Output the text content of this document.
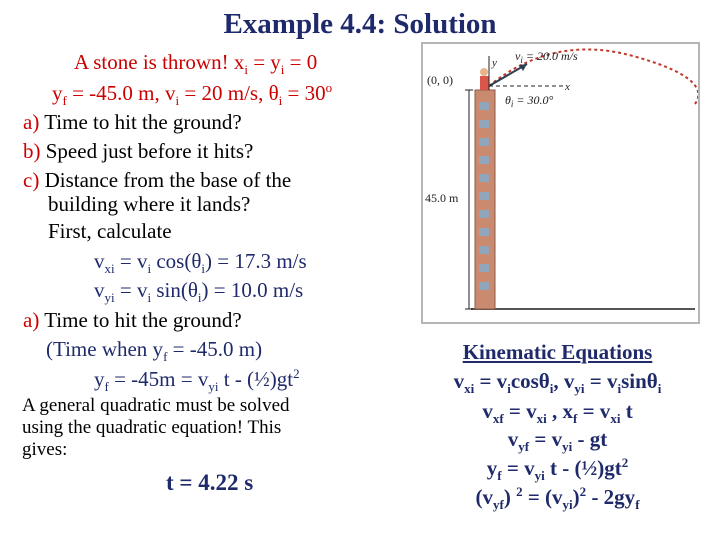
Example 4.4: Solution
A stone is thrown! $x_i = y_i = 0$
$y_f = -45.0$ m, $v_i = 20$ m/s, $\theta_i = 30^o$
a) Time to hit the ground?
b) Speed just before it hits?
c) Distance from the base of the
building where it lands?
First, calculate
$v_{xi} = v_i$ $\cos(\theta_i) = 17.3$ m/s
$v_{yi} = v_i$ $\sin(\theta_i) = 10.0$ m/s
a) Time to hit the ground?
(Time when $y_f = -45.0$ m)
$y_f = -45m = v_{yi}$ t - $(\frac{1}{2})gt^2$
A general quadratic must be solved
using the quadratic equation! This
gives:
t = 4.22 s
$v_i = 20.0$ m/s
(0, 0)
y
x
$\theta_i = 30.0^\circ$
45.0 m
Kinematic Equations
$v_{xi} = v_i\cos\theta_i$, $v_{yi} = v_i\sin\theta_i$
$v_{xf} = v_{xi}$ , $x_f = v_{xi}$ t
$v_{yf} = v_{yi}$ - gt
$y_f = v_{yi}$ t - $(\frac{1}{2})gt^2$
$(v_{yf}) ^2 = (v_{yi})^2 - 2gy_f$
